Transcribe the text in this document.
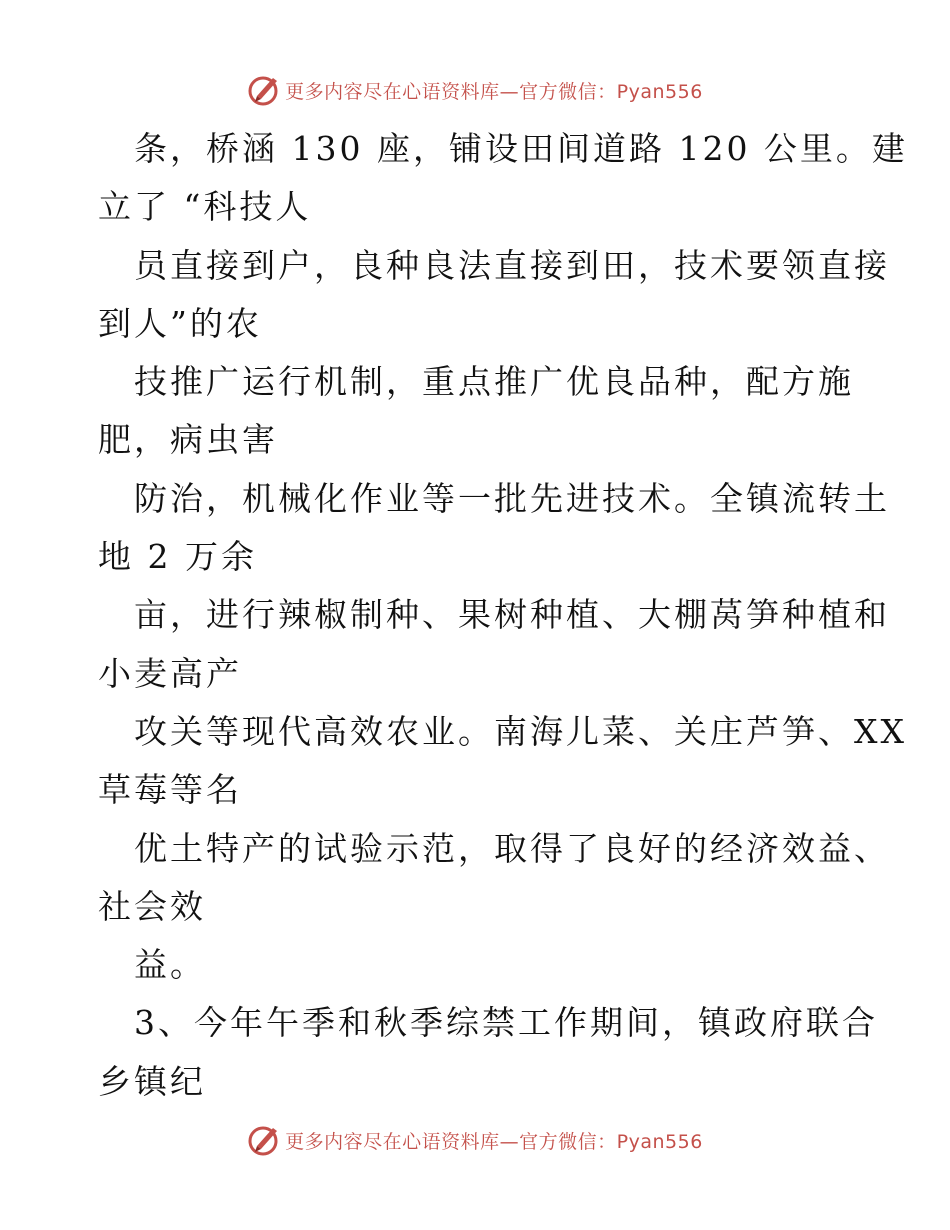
更多内容尽在心语资料库—官方微信：Pyan556
条，桥涵 130 座，铺设田间道路 120 公里。建
立了 “科技人
员直接到户，良种良法直接到田，技术要领直接
到人”的农
技推广运行机制，重点推广优良品种，配方施
肥，病虫害
防治，机械化作业等一批先进技术。全镇流转土
地 2 万余
亩，进行辣椒制种、果树种植、大棚莴笋种植和
小麦高产
攻关等现代高效农业。南海儿菜、关庄芦笋、XX
草莓等名
优土特产的试验示范，取得了良好的经济效益、
社会效
益。
3、今年午季和秋季综禁工作期间，镇政府联合
乡镇纪
更多内容尽在心语资料库—官方微信：Pyan556
